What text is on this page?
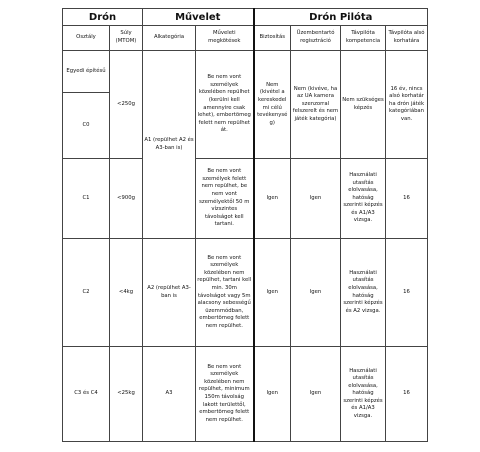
Drón		Művelet		Drón Pilóta			
Osztály	Súly (MTOM)	Alkategória	Műveleti megkötések	Biztosítás	Üzembentartó regisztráció	Távpilóta kompetencia	Távpilóta alsó korhatára
Egyedi építésű	<250g	A1 (repülhet A2 és A3-ban is)	Be nem vont személyek közelében repülhet (kerülni kell amennyire csak lehet), embertömeg felett nem repülhet át.	Nem (kivétel a kereskedelmi célú tevékenység)	Nem (kivéve, ha az UA kamera szenzorral felszerelt és nem játék kategória)	Nem szükséges képzés	16 év, nincs alsó korhatár ha drón játék kategóriában van.
C0							
C1	<900g		Be nem vont személyek felett nem repülhet, be nem vont személyektől 50 m vízszintes távolságot kell tartani.	Igen	Igen	Használati utasítás elolvasása, hatóság szerinti képzés és A1/A3 vizsga.	16
C2	<4kg	A2 (repülhet A3-ban is	Be nem vont személyek közelében nem repülhet, tartani kell min. 30m távolságot vagy 5m alacsony sebességű üzemmódban, embertömeg felett nem repülhet.	Igen	Igen	Használati utasítás elolvasása, hatóság szerinti képzés és A2 vizsga.	16
C3 és C4	<25kg	A3	Be nem vont személyek közelében nem repülhet, minimum 150m távolság lakott területtől, embertömeg felett nem repülhet.	Igen	Igen	Használati utasítás elolvasása, hatóság szerinti képzés és A1/A3 vizsga.	16
